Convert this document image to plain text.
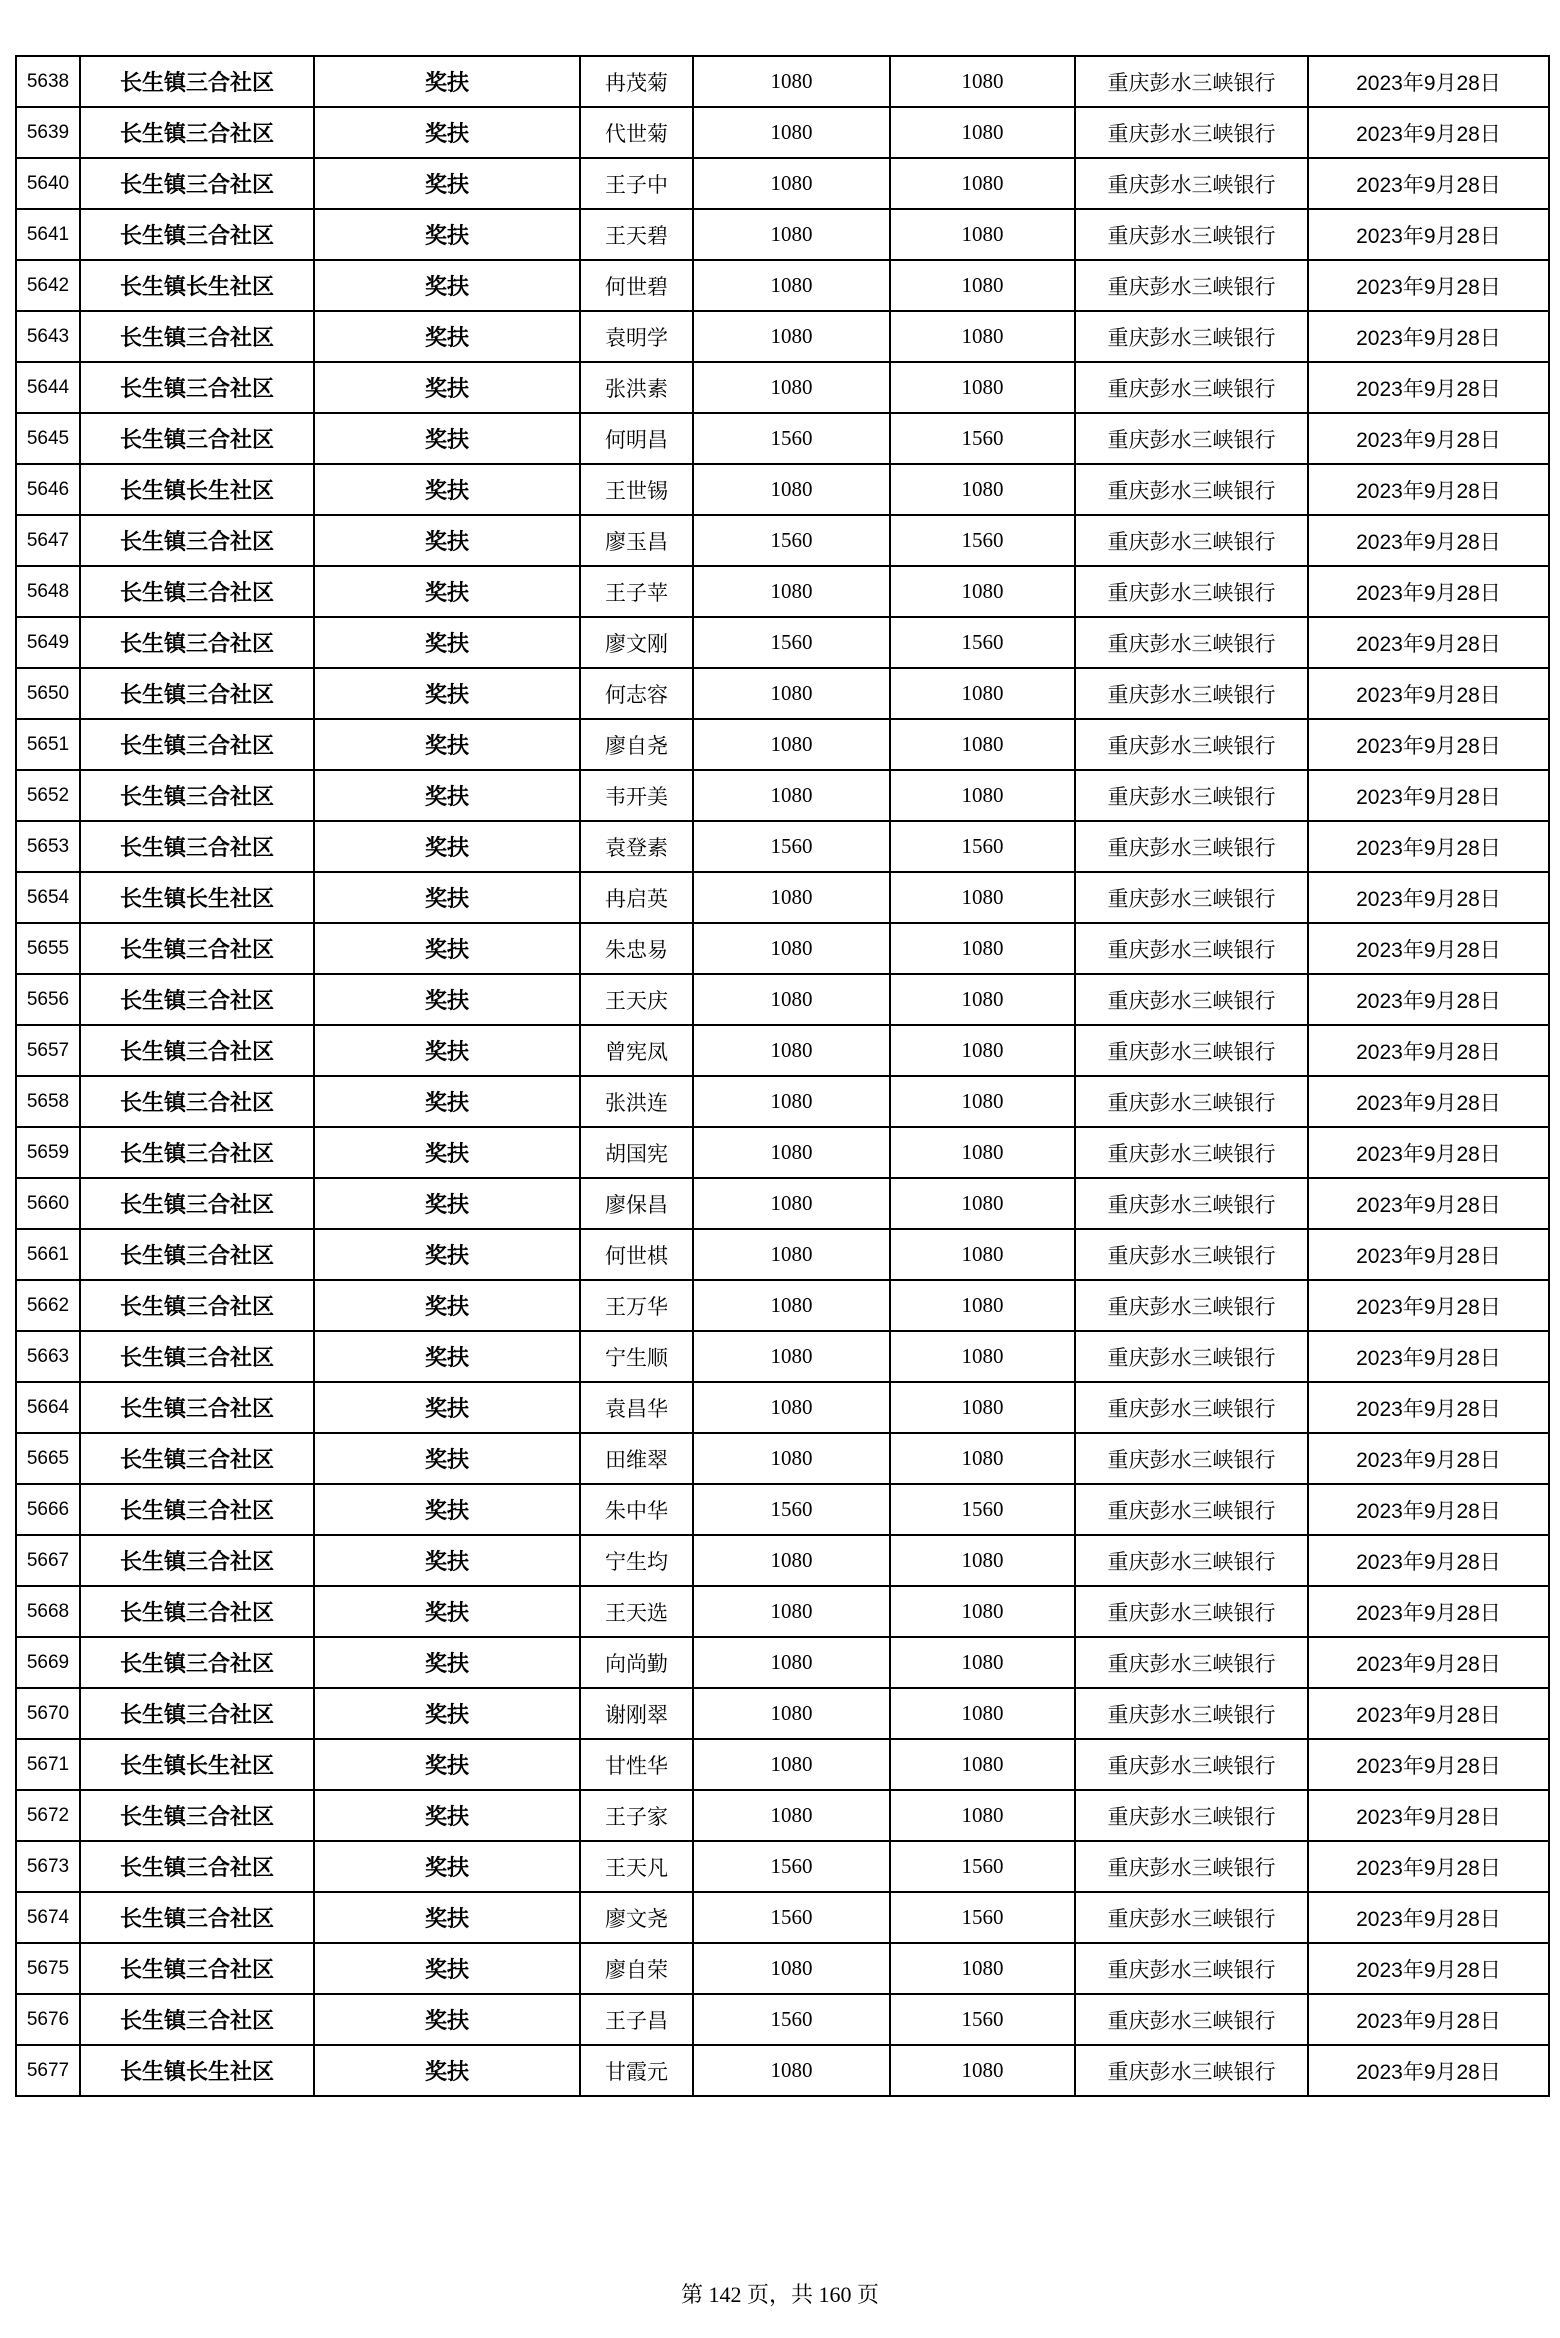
5638	长生镇三合社区	奖扶	冉茂菊	1080	1080	重庆彭水三峡银行	2023年9月28日
5639	长生镇三合社区	奖扶	代世菊	1080	1080	重庆彭水三峡银行	2023年9月28日
5640	长生镇三合社区	奖扶	王子中	1080	1080	重庆彭水三峡银行	2023年9月28日
5641	长生镇三合社区	奖扶	王天碧	1080	1080	重庆彭水三峡银行	2023年9月28日
5642	长生镇长生社区	奖扶	何世碧	1080	1080	重庆彭水三峡银行	2023年9月28日
5643	长生镇三合社区	奖扶	袁明学	1080	1080	重庆彭水三峡银行	2023年9月28日
5644	长生镇三合社区	奖扶	张洪素	1080	1080	重庆彭水三峡银行	2023年9月28日
5645	长生镇三合社区	奖扶	何明昌	1560	1560	重庆彭水三峡银行	2023年9月28日
5646	长生镇长生社区	奖扶	王世锡	1080	1080	重庆彭水三峡银行	2023年9月28日
5647	长生镇三合社区	奖扶	廖玉昌	1560	1560	重庆彭水三峡银行	2023年9月28日
5648	长生镇三合社区	奖扶	王子苹	1080	1080	重庆彭水三峡银行	2023年9月28日
5649	长生镇三合社区	奖扶	廖文刚	1560	1560	重庆彭水三峡银行	2023年9月28日
5650	长生镇三合社区	奖扶	何志容	1080	1080	重庆彭水三峡银行	2023年9月28日
5651	长生镇三合社区	奖扶	廖自尧	1080	1080	重庆彭水三峡银行	2023年9月28日
5652	长生镇三合社区	奖扶	韦开美	1080	1080	重庆彭水三峡银行	2023年9月28日
5653	长生镇三合社区	奖扶	袁登素	1560	1560	重庆彭水三峡银行	2023年9月28日
5654	长生镇长生社区	奖扶	冉启英	1080	1080	重庆彭水三峡银行	2023年9月28日
5655	长生镇三合社区	奖扶	朱忠易	1080	1080	重庆彭水三峡银行	2023年9月28日
5656	长生镇三合社区	奖扶	王天庆	1080	1080	重庆彭水三峡银行	2023年9月28日
5657	长生镇三合社区	奖扶	曾宪凤	1080	1080	重庆彭水三峡银行	2023年9月28日
5658	长生镇三合社区	奖扶	张洪连	1080	1080	重庆彭水三峡银行	2023年9月28日
5659	长生镇三合社区	奖扶	胡国宪	1080	1080	重庆彭水三峡银行	2023年9月28日
5660	长生镇三合社区	奖扶	廖保昌	1080	1080	重庆彭水三峡银行	2023年9月28日
5661	长生镇三合社区	奖扶	何世棋	1080	1080	重庆彭水三峡银行	2023年9月28日
5662	长生镇三合社区	奖扶	王万华	1080	1080	重庆彭水三峡银行	2023年9月28日
5663	长生镇三合社区	奖扶	宁生顺	1080	1080	重庆彭水三峡银行	2023年9月28日
5664	长生镇三合社区	奖扶	袁昌华	1080	1080	重庆彭水三峡银行	2023年9月28日
5665	长生镇三合社区	奖扶	田维翠	1080	1080	重庆彭水三峡银行	2023年9月28日
5666	长生镇三合社区	奖扶	朱中华	1560	1560	重庆彭水三峡银行	2023年9月28日
5667	长生镇三合社区	奖扶	宁生均	1080	1080	重庆彭水三峡银行	2023年9月28日
5668	长生镇三合社区	奖扶	王天选	1080	1080	重庆彭水三峡银行	2023年9月28日
5669	长生镇三合社区	奖扶	向尚勤	1080	1080	重庆彭水三峡银行	2023年9月28日
5670	长生镇三合社区	奖扶	谢刚翠	1080	1080	重庆彭水三峡银行	2023年9月28日
5671	长生镇长生社区	奖扶	甘性华	1080	1080	重庆彭水三峡银行	2023年9月28日
5672	长生镇三合社区	奖扶	王子家	1080	1080	重庆彭水三峡银行	2023年9月28日
5673	长生镇三合社区	奖扶	王天凡	1560	1560	重庆彭水三峡银行	2023年9月28日
5674	长生镇三合社区	奖扶	廖文尧	1560	1560	重庆彭水三峡银行	2023年9月28日
5675	长生镇三合社区	奖扶	廖自荣	1080	1080	重庆彭水三峡银行	2023年9月28日
5676	长生镇三合社区	奖扶	王子昌	1560	1560	重庆彭水三峡银行	2023年9月28日
5677	长生镇长生社区	奖扶	甘霞元	1080	1080	重庆彭水三峡银行	2023年9月28日
第 142 页，共 160 页
